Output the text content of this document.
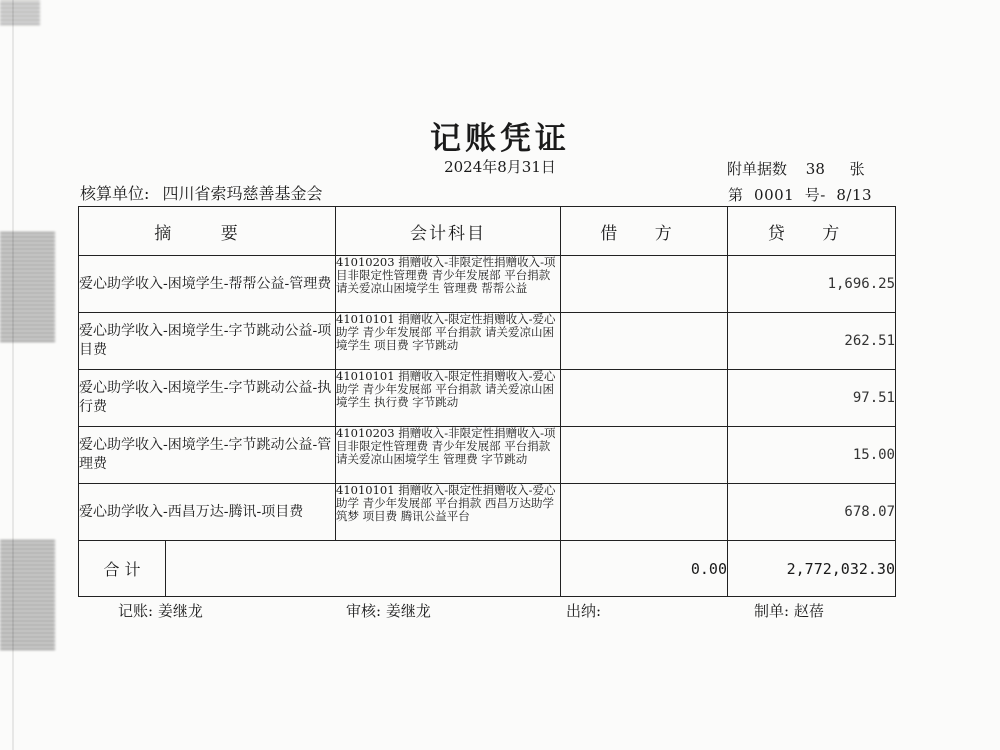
记账凭证
2024年8月31日	附单据数 38 张
核算单位: 四川省索玛慈善基金会	第  0001  号-  8/13
摘 要	会计科目	借 方	贷 方
爱心助学收入-困境学生-帮帮公益-管理费	41010203 捐赠收入-非限定性捐赠收入-项目非限定性管理费 青少年发展部 平台捐款 请关爱凉山困境学生 管理费 帮帮公益		1,696.25
爱心助学收入-困境学生-字节跳动公益-项目费	41010101 捐赠收入-限定性捐赠收入-爱心助学 青少年发展部 平台捐款 请关爱凉山困境学生 项目费 字节跳动		262.51
爱心助学收入-困境学生-字节跳动公益-执行费	41010101 捐赠收入-限定性捐赠收入-爱心助学 青少年发展部 平台捐款 请关爱凉山困境学生 执行费 字节跳动		97.51
爱心助学收入-困境学生-字节跳动公益-管理费	41010203 捐赠收入-非限定性捐赠收入-项目非限定性管理费 青少年发展部 平台捐款 请关爱凉山困境学生 管理费 字节跳动		15.00
爱心助学收入-西昌万达-腾讯-项目费	41010101 捐赠收入-限定性捐赠收入-爱心助学 青少年发展部 平台捐款 西昌万达助学筑梦 项目费 腾讯公益平台		678.07

合 计		0.00	2,772,032.30
记账: 姜继龙	审核: 姜继龙	出纳:	制单: 赵蓓
